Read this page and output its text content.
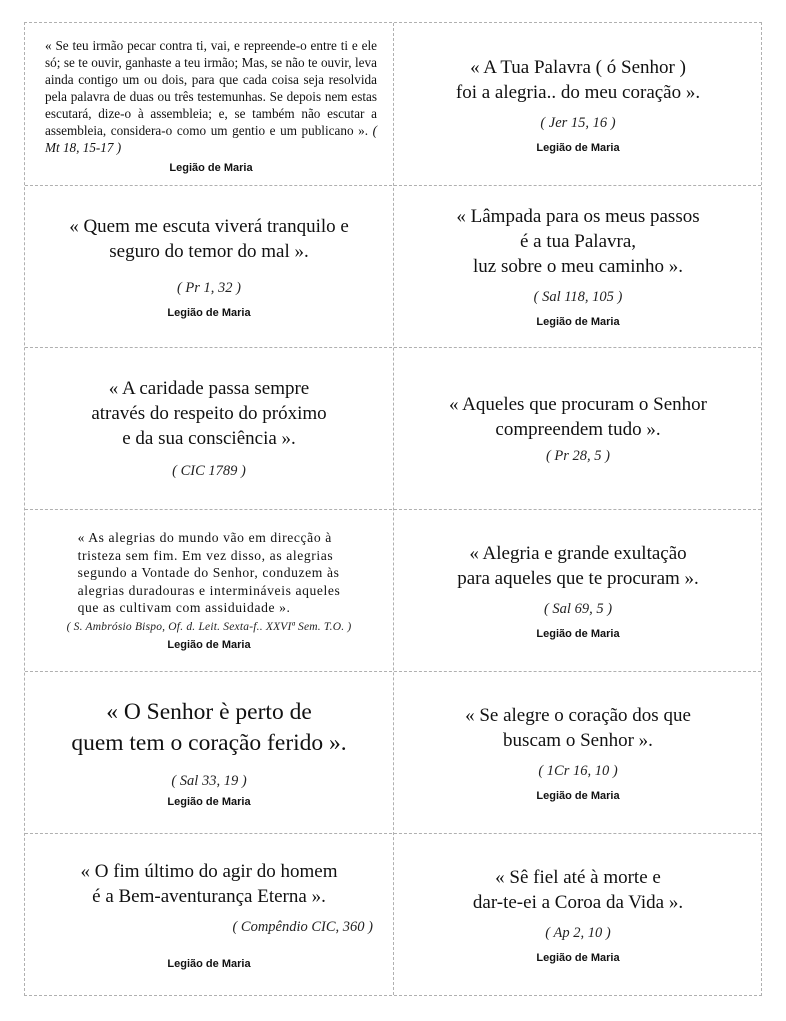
« Se teu irmão pecar contra ti, vai, e repreende-o entre ti e ele só; se te ouvir, ganhaste a teu irmão; Mas, se não te ouvir, leva ainda contigo um ou dois, para que cada coisa seja resolvida pela palavra de duas ou três testemunhas. Se depois nem estas escutará, dize-o à assembleia; e, se também não escutar a assembleia, considera-o como um gentio e um publicano ». ( Mt 18, 15-17 )

Legião de Maria

« A Tua Palavra ( ó Senhor )
foi a alegria.. do meu coração ».

( Jer 15, 16 )
Legião de Maria

« Quem me escuta viverá tranquilo e
seguro do temor do mal ».

( Pr 1, 32 )
Legião de Maria

« Lâmpada para os meus passos
é a tua Palavra,
luz sobre o meu caminho ».

( Sal 118, 105 )
Legião de Maria

« A caridade passa sempre
através do respeito do próximo
e da sua consciência ».

( CIC 1789 )

« Aqueles que procuram o Senhor
compreendem tudo ».

( Pr 28, 5 )

« As alegrias do mundo vão em direcção à
tristeza sem fim. Em vez disso, as alegrias
segundo a Vontade do Senhor, conduzem às
alegrias duradouras e intermináveis aqueles
que as cultivam com assiduidade ».

( S. Ambrósio Bispo, Of. d. Leit. Sexta-f.. XXVIª Sem. T.O. )
Legião de Maria

« Alegria e grande exultação
para aqueles que te procuram ».

( Sal 69, 5 )
Legião de Maria

« O Senhor è perto de
quem tem o coração ferido ».

( Sal 33, 19 )
Legião de Maria

« Se alegre o coração dos que
buscam o Senhor ».

( 1Cr 16, 10 )
Legião de Maria

« O fim último do agir do homem
é a Bem-aventurança Eterna ».

( Compêndio CIC, 360 )
Legião de Maria

« Sê fiel até à morte e
dar-te-ei a Coroa da Vida ».

( Ap 2, 10 )
Legião de Maria
